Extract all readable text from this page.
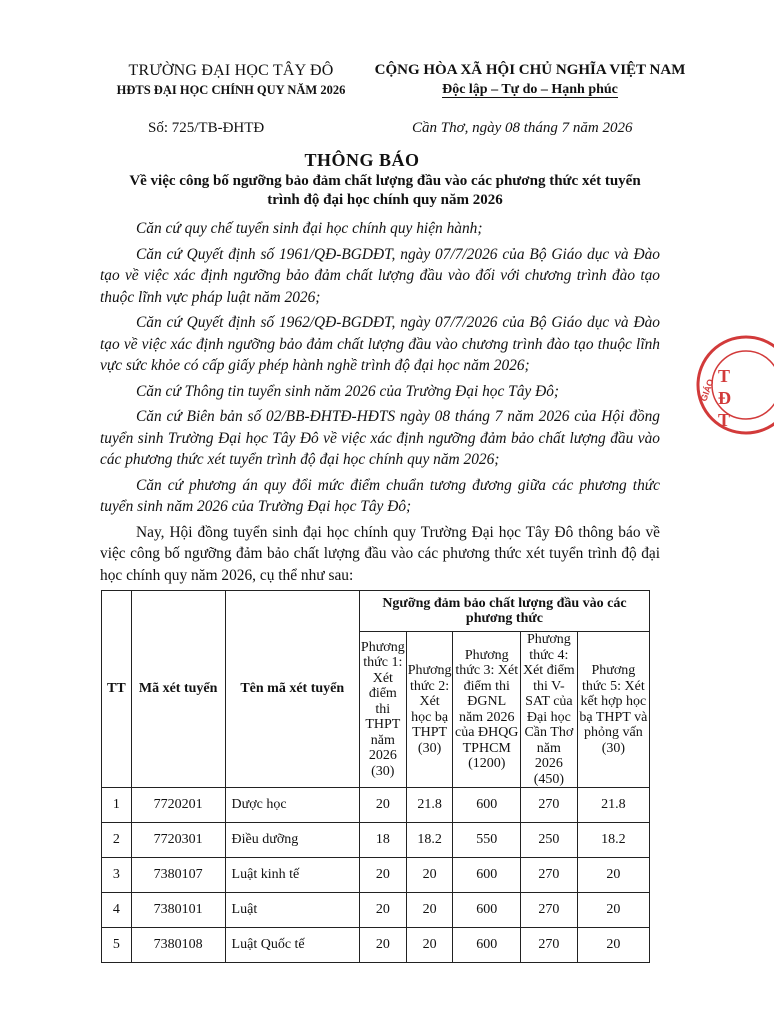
TRƯỜNG ĐẠI HỌC TÂY ĐÔ
HĐTS ĐẠI HỌC CHÍNH QUY NĂM 2026
CỘNG HÒA XÃ HỘI CHỦ NGHĨA VIỆT NAM
Độc lập – Tự do – Hạnh phúc
Số: 725/TB-ĐHTĐ	Cần Thơ, ngày 08 tháng 7 năm 2026
THÔNG BÁO
Về việc công bố ngưỡng bảo đảm chất lượng đầu vào các phương thức xét tuyển trình độ đại học chính quy năm 2026

Căn cứ quy chế tuyển sinh đại học chính quy hiện hành;

Căn cứ Quyết định số 1961/QĐ-BGDĐT, ngày 07/7/2026 của Bộ Giáo dục và Đào tạo về việc xác định ngưỡng bảo đảm chất lượng đầu vào đối với chương trình đào tạo thuộc lĩnh vực pháp luật năm 2026;

Căn cứ Quyết định số 1962/QĐ-BGDĐT, ngày 07/7/2026 của Bộ Giáo dục và Đào tạo về việc xác định ngưỡng bảo đảm chất lượng đầu vào chương trình đào tạo thuộc lĩnh vực sức khỏe có cấp giấy phép hành nghề trình độ đại học năm 2026;

Căn cứ Thông tin tuyển sinh năm 2026 của Trường Đại học Tây Đô;

Căn cứ Biên bản số 02/BB-ĐHTĐ-HĐTS ngày 08 tháng 7 năm 2026 của Hội đồng tuyển sinh Trường Đại học Tây Đô về việc xác định ngưỡng đảm bảo chất lượng đầu vào các phương thức xét tuyển trình độ đại học chính quy năm 2026;

Căn cứ phương án quy đổi mức điểm chuẩn tương đương giữa các phương thức tuyển sinh năm 2026 của Trường Đại học Tây Đô;

Nay, Hội đồng tuyển sinh đại học chính quy Trường Đại học Tây Đô thông báo về việc công bố ngưỡng đảm bảo chất lượng đầu vào các phương thức xét tuyển trình độ đại học chính quy năm 2026, cụ thể như sau:

TT	Mã xét tuyển	Tên mã xét tuyển	Ngưỡng đảm bảo chất lượng đầu vào các phương thức				
			Phương thức 1: Xét điểm thi THPT năm 2026 (30)	Phương thức 2: Xét học bạ THPT (30)	Phương thức 3: Xét điểm thi ĐGNL năm 2026 của ĐHQG TPHCM (1200)	Phương thức 4: Xét điểm thi V-SAT của Đại học Cần Thơ năm 2026 (450)	Phương thức 5: Xét kết hợp học bạ THPT và phỏng vấn (30)
1	7720201	Dược học	20	21.8	600	270	21.8
2	7720301	Điều dưỡng	18	18.2	550	250	18.2
3	7380107	Luật kinh tế	20	20	600	270	20
4	7380101	Luật	20	20	600	270	20
5	7380108	Luật Quốc tế	20	20	600	270	20
GIÁO
T
Đ
T
